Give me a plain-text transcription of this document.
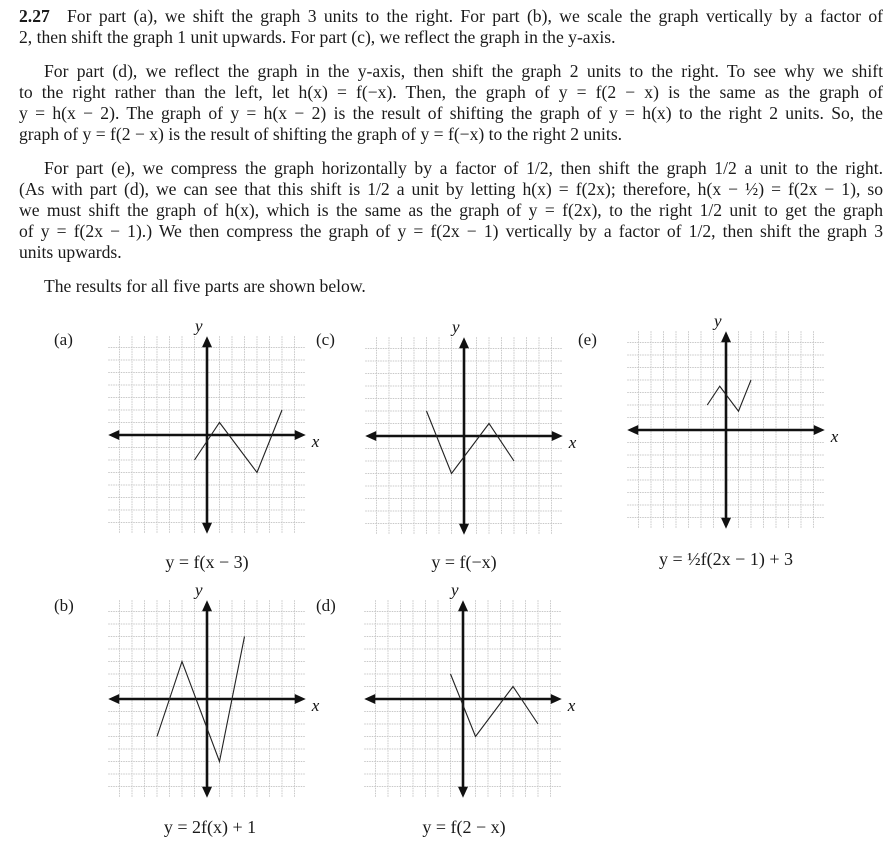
2.27 For part (a), we shift the graph 3 units to the right. For part (b), we scale the graph vertically by a factor of
2, then shift the graph 1 unit upwards. For part (c), we reflect the graph in the y-axis.
For part (d), we reflect the graph in the y-axis, then shift the graph 2 units to the right. To see why we shift
to the right rather than the left, let h(x) = f(−x). Then, the graph of y = f(2 − x) is the same as the graph of
y = h(x − 2). The graph of y = h(x − 2) is the result of shifting the graph of y = h(x) to the right 2 units. So, the
graph of y = f(2 − x) is the result of shifting the graph of y = f(−x) to the right 2 units.
For part (e), we compress the graph horizontally by a factor of 1/2, then shift the graph 1/2 a unit to the right.
(As with part (d), we can see that this shift is 1/2 a unit by letting h(x) = f(2x); therefore, h(x − ½) = f(2x − 1), so
we must shift the graph of h(x), which is the same as the graph of y = f(2x), to the right 1/2 unit to get the graph
of y = f(2x − 1).) We then compress the graph of y = f(2x − 1) vertically by a factor of 1/2, then shift the graph 3
units upwards.
The results for all five parts are shown below.
(a)
(b)
(c)
(d)
(e)
y = f(x − 3)
y = 2f(x) + 1
y = f(−x)
y = f(2 − x)
y = ½f(2x − 1) + 3
x
y
x
y
x
y
x
y
x
y
